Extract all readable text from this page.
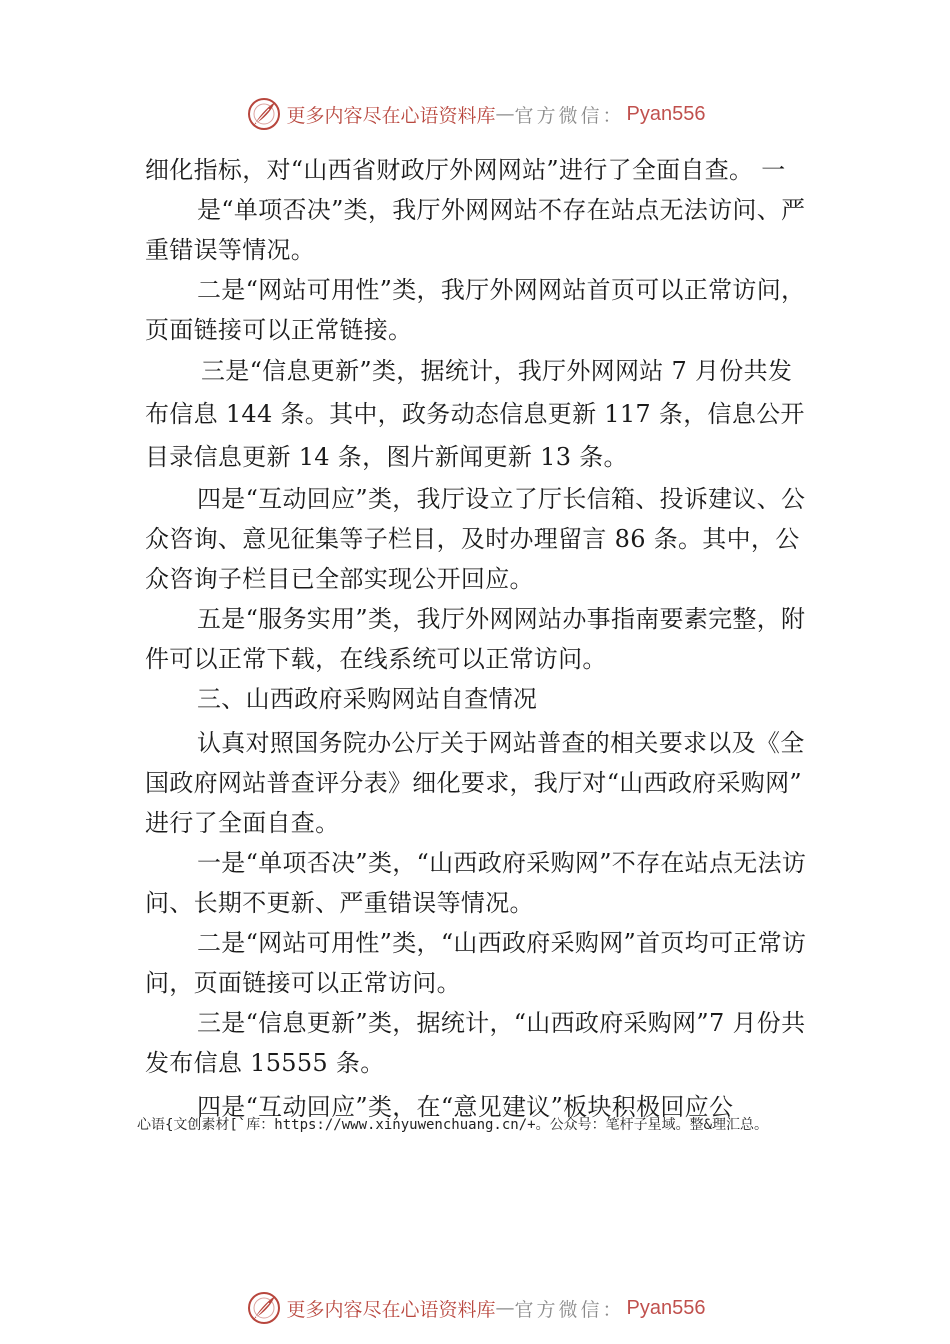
更多内容尽在心语资料库 — 官方微信： Pyan556

细化指标，对“山西省财政厅外网网站”进行了全面自查。 一

是“单项否决”类，我厅外网网站不存在站点无法访问、严重错误等情况。

二是“网站可用性”类，我厅外网网站首页可以正常访问，页面链接可以正常链接。

三是“信息更新”类，据统计，我厅外网网站 7 月份共发布信息 144 条。其中，政务动态信息更新 117 条，信息公开目录信息更新 14 条，图片新闻更新 13 条。

四是“互动回应”类，我厅设立了厅长信箱、投诉建议、公众咨询、意见征集等子栏目，及时办理留言 86 条。其中，公众咨询子栏目已全部实现公开回应。

五是“服务实用”类，我厅外网网站办事指南要素完整，附件可以正常下载，在线系统可以正常访问。

三、山西政府采购网站自查情况

认真对照国务院办公厅关于网站普查的相关要求以及《全国政府网站普查评分表》细化要求，我厅对“山西政府采购网” 进行了全面自查。

一是“单项否决”类，“山西政府采购网”不存在站点无法访问、长期不更新、严重错误等情况。

二是“网站可用性”类，“山西政府采购网”首页均可正常访问，页面链接可以正常访问。

三是“信息更新”类，据统计，“山西政府采购网”7 月份共发布信息 15555 条。

四是“互动回应”类，在“意见建议”板块积极回应公

心语{文创素材[`库：https://www.xinyuwenchuang.cn/+。公众号：笔杆子星域。整&理汇总。
更多内容尽在心语资料库 — 官方微信： Pyan556
